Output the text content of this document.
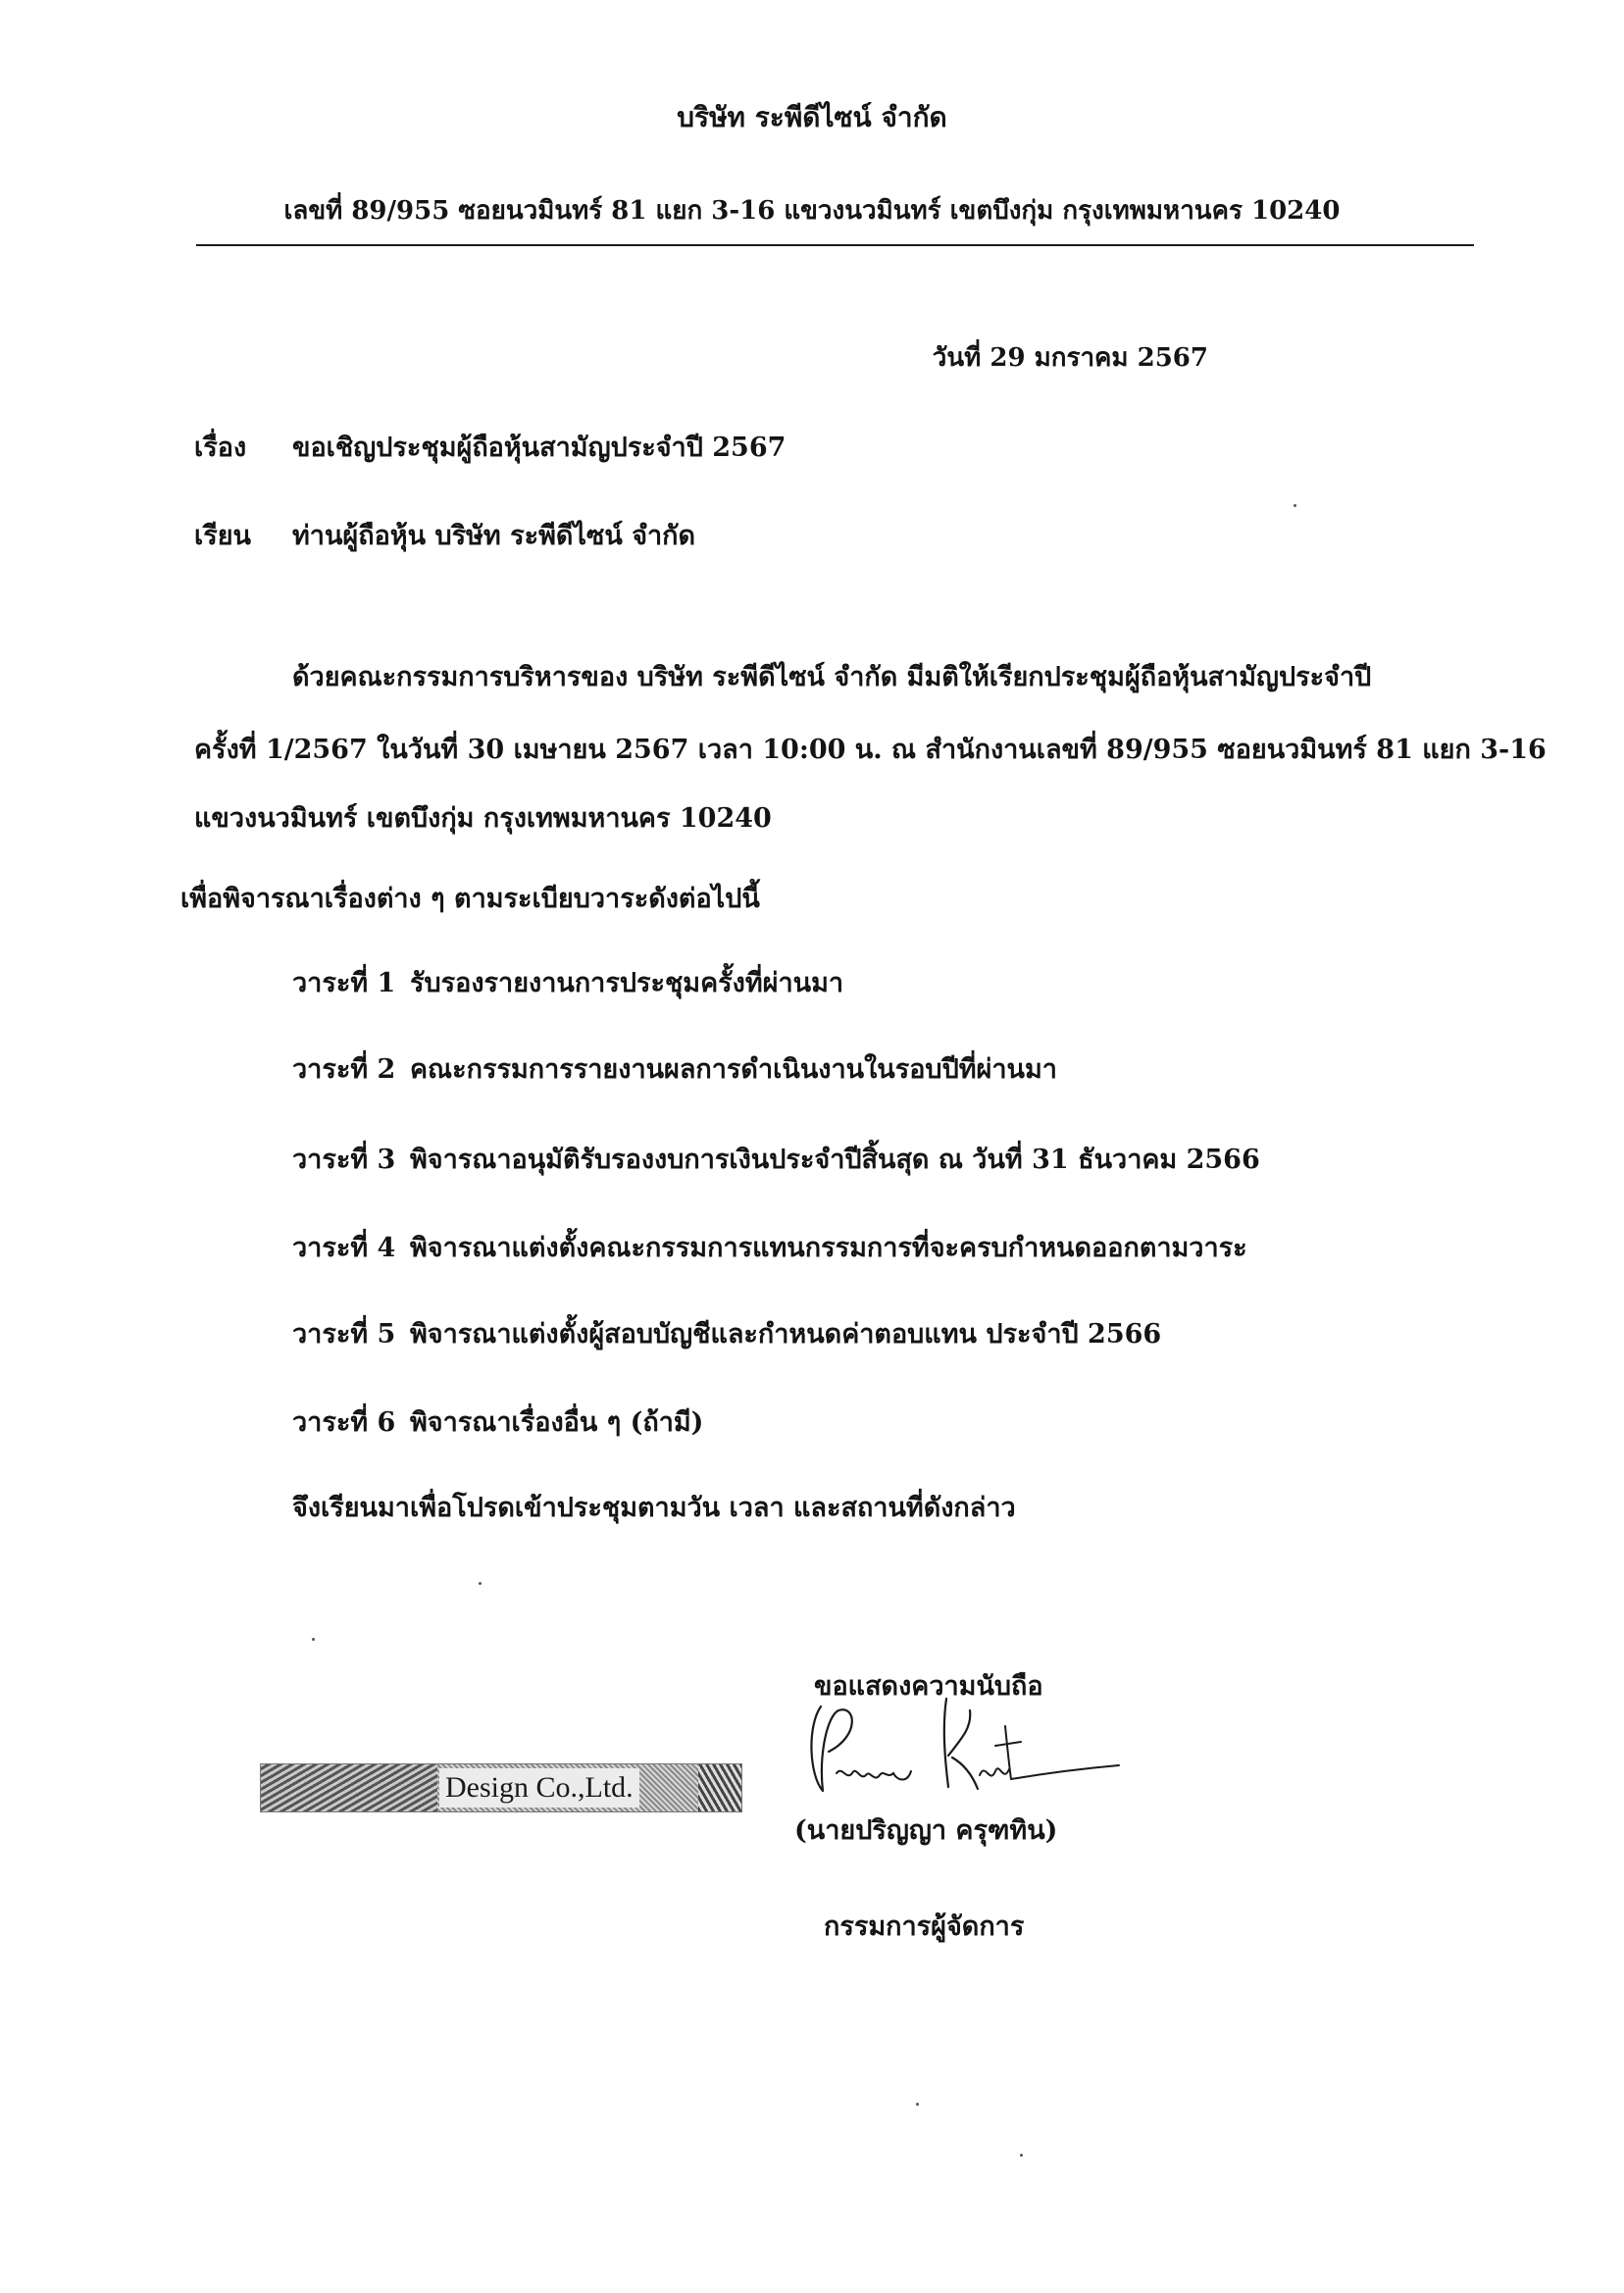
บริษัท ระพีดีไซน์ จำกัด
เลขที่ 89/955 ซอยนวมินทร์ 81 แยก 3-16 แขวงนวมินทร์ เขตบึงกุ่ม กรุงเทพมหานคร 10240
วันที่ 29 มกราคม 2567
เรื่อง ขอเชิญประชุมผู้ถือหุ้นสามัญประจำปี 2567
เรียน ท่านผู้ถือหุ้น บริษัท ระพีดีไซน์ จำกัด
ด้วยคณะกรรมการบริหารของ บริษัท ระพีดีไซน์ จำกัด มีมติให้เรียกประชุมผู้ถือหุ้นสามัญประจำปี
ครั้งที่ 1/2567 ในวันที่ 30 เมษายน 2567 เวลา 10:00 น. ณ สำนักงานเลขที่ 89/955 ซอยนวมินทร์ 81 แยก 3-16
แขวงนวมินทร์ เขตบึงกุ่ม กรุงเทพมหานคร 10240
เพื่อพิจารณาเรื่องต่าง ๆ ตามระเบียบวาระดังต่อไปนี้
วาระที่ 1 รับรองรายงานการประชุมครั้งที่ผ่านมา
วาระที่ 2 คณะกรรมการรายงานผลการดำเนินงานในรอบปีที่ผ่านมา
วาระที่ 3 พิจารณาอนุมัติรับรองงบการเงินประจำปีสิ้นสุด ณ วันที่ 31 ธันวาคม 2566
วาระที่ 4 พิจารณาแต่งตั้งคณะกรรมการแทนกรรมการที่จะครบกำหนดออกตามวาระ
วาระที่ 5 พิจารณาแต่งตั้งผู้สอบบัญชีและกำหนดค่าตอบแทน ประจำปี 2566
วาระที่ 6 พิจารณาเรื่องอื่น ๆ (ถ้ามี)
จึงเรียนมาเพื่อโปรดเข้าประชุมตามวัน เวลา และสถานที่ดังกล่าว
ขอแสดงความนับถือ
Design Co.,Ltd.
(นายปริญญา ครุฑทิน)
กรรมการผู้จัดการ
